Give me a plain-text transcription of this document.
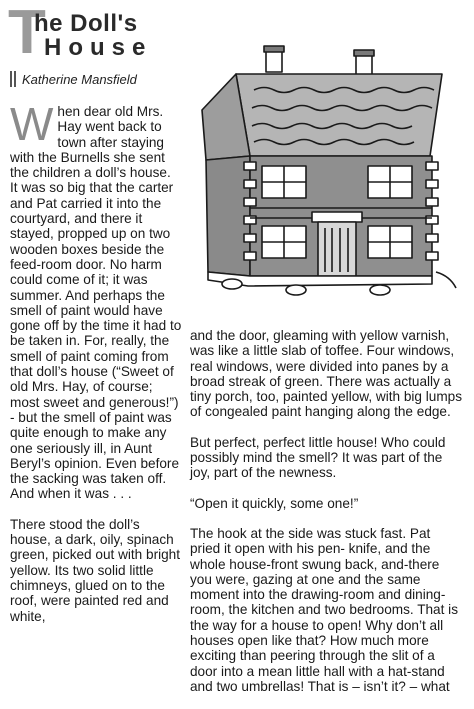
T
he Doll's
House
Katherine Mansfield

When dear old Mrs. Hay went back to town after staying with the Burnells she sent the children a doll’s house. It was so big that the carter and Pat carried it into the courtyard, and there it stayed, propped up on two wooden boxes beside the feed-room door. No harm could come of it; it was summer. And perhaps the smell of paint would have gone off by the time it had to be taken in. For, really, the smell of paint coming from that doll’s house (“Sweet of old Mrs. Hay, of course; most sweet and generous!”) - but the smell of paint was quite enough to make any one seriously ill, in Aunt Beryl’s opinion. Even before the sacking was taken off. And when it was . . .

There stood the doll’s house, a dark, oily, spinach green, picked out with bright yellow. Its two solid little chimneys, glued on to the roof, were painted red and white,

and the door, gleaming with yellow varnish, was like a little slab of toffee. Four windows, real windows, were divided into panes by a broad streak of green. There was actually a tiny porch, too, painted yellow, with big lumps of congealed paint hanging along the edge.

But perfect, perfect little house! Who could possibly mind the smell? It was part of the joy, part of the newness.

“Open it quickly, some one!”

The hook at the side was stuck fast. Pat pried it open with his pen- knife, and the whole house-front swung back, and-there you were, gazing at one and the same moment into the drawing-room and dining-room, the kitchen and two bedrooms. That is the way for a house to open! Why don’t all houses open like that? How much more exciting than peering through the slit of a door into a mean little hall with a hat-stand and two umbrellas! That is – isn’t it? – what
